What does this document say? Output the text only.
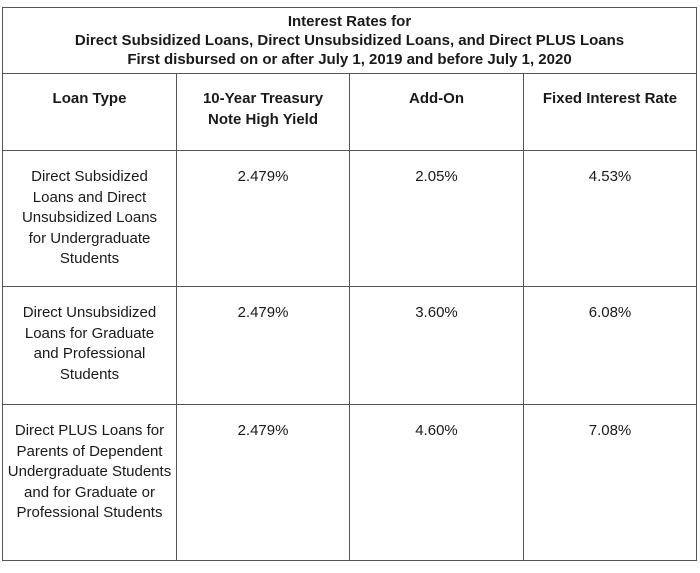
Interest Rates for
Direct Subsidized Loans, Direct Unsubsidized Loans, and Direct PLUS Loans
First disbursed on or after July 1, 2019 and before July 1, 2020			

Loan Type	10-Year Treasury Note High Yield	Add-On	Fixed Interest Rate
Direct Subsidized Loans and Direct Unsubsidized Loans for Undergraduate Students	2.479%	2.05%	4.53%
Direct Unsubsidized Loans for Graduate and Professional Students	2.479%	3.60%	6.08%
Direct PLUS Loans for Parents of Dependent Undergraduate Students and for Graduate or Professional Students	2.479%	4.60%	7.08%
